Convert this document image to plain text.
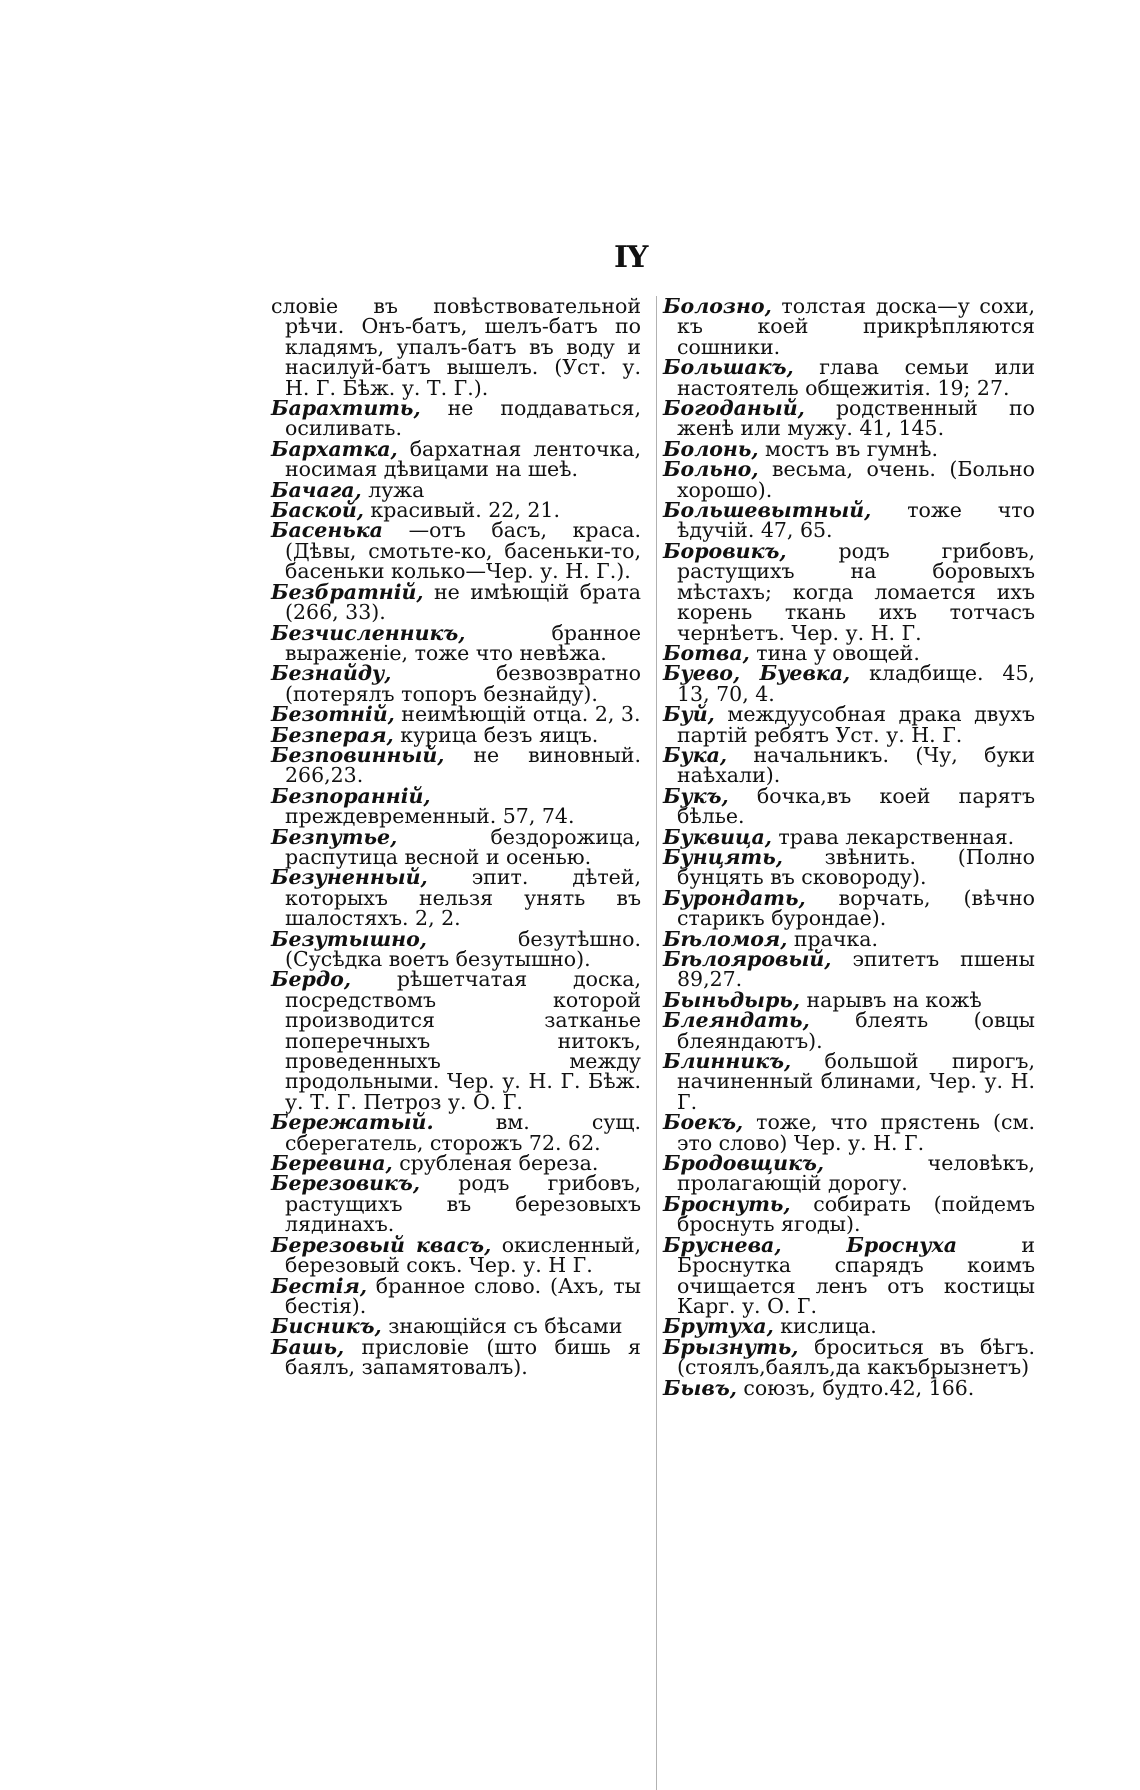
IY

словіе въ повѣствовательной рѣчи. Онъ-батъ, шелъ-батъ по кладямъ, упалъ-батъ въ воду и насилуй-батъ вышелъ. (Уст. у. Н. Г. Бѣж. у. Т. Г.).

Барахтить, не поддаваться, осиливать.

Бархатка, бархатная ленточка, носимая дѣвицами на шеѣ.

Бачага, лужа

Баской, красивый. 22, 21.

Басенька —отъ басъ, краса. (Дѣвы, смотьте-ко, басеньки-то, басеньки колько—Чер. у. Н. Г.).

Безбратній, не имѣющій брата (266, 33).

Безчисленникъ, бранное выраженіе, тоже что невѣжа.

Безнайду, безвозвратно (потерялъ топоръ безнайду).

Безотній, неимѣющій отца. 2, 3.

Безперая, курица безъ яицъ.

Безповинный, не виновный. 266,23.

Безпоранній, преждевременный. 57, 74.

Безпутье, бездорожица, распутица весной и осенью.

Безуненный, эпит. дѣтей, которыхъ нельзя унять въ шалостяхъ. 2, 2.

Безутышно, безутѣшно. (Сусѣдка воетъ безутышно).

Бердо, рѣшетчатая доска, посредствомъ которой производится затканье поперечныхъ нитокъ, проведенныхъ между продольными. Чер. у. Н. Г. Бѣж. у. Т. Г. Петроз у. О. Г.

Бережатый. вм. сущ. сберегатель, сторожъ 72. 62.

Беревина, срубленая береза.

Березовикъ, родъ грибовъ, растущихъ въ березовыхъ лядинахъ.

Березовый квасъ, окисленный, березовый сокъ. Чер. у. Н Г.

Бестія, бранное слово. (Ахъ, ты бестія).

Бисникъ, знающійся съ бѣсами

Башь, присловіе (што бишь я баялъ, запамятовалъ).

Болозно, толстая доска—у сохи, къ коей прикрѣпляются сошники.

Большакъ, глава семьи или настоятель общежитія. 19; 27.

Богоданый, родственный по женѣ или мужу. 41, 145.

Болонь, мостъ въ гумнѣ.

Больно, весьма, очень. (Больно хорошо).

Большевытный, тоже что ѣдучій. 47, 65.

Боровикъ, родъ грибовъ, растущихъ на боровыхъ мѣстахъ; когда ломается ихъ корень ткань ихъ тотчасъ чернѣетъ. Чер. у. Н. Г.

Ботва, тина у овощей.

Буево, Буевка, кладбище. 45, 13, 70, 4.

Буй, междуусобная драка двухъ партій ребятъ Уст. у. Н. Г.

Бука, начальникъ. (Чу, буки наѣхали).

Букъ, бочка,въ коей парятъ бѣлье.

Буквица, трава лекарственная.

Бунцять, звѣнить. (Полно бунцять въ сковороду).

Бурондать, ворчать, (вѣчно старикъ бурондае).

Бѣломоя, прачка.

Бѣлояровый, эпитетъ пшены 89,27.

Быньдырь, нарывъ на кожѣ

Блеяндать, блеять (овцы блеяндаютъ).

Блинникъ, большой пирогъ, начиненный блинами, Чер. у. Н. Г.

Боекъ, тоже, что прястень (см. это слово) Чер. у. Н. Г.

Бродовщикъ, человѣкъ, пролагающій дорогу.

Броснуть, собирать (пойдемъ броснуть ягоды).

Бруснева, Броснуха и Броснутка спарядъ коимъ очищается ленъ отъ костицы Карг. у. О. Г.

Брутуха, кислица.

Брызнуть, броситься въ бѣгъ. (стоялъ,баялъ,да какъбрызнетъ)

Бывъ, союзъ, будто.42, 166.
